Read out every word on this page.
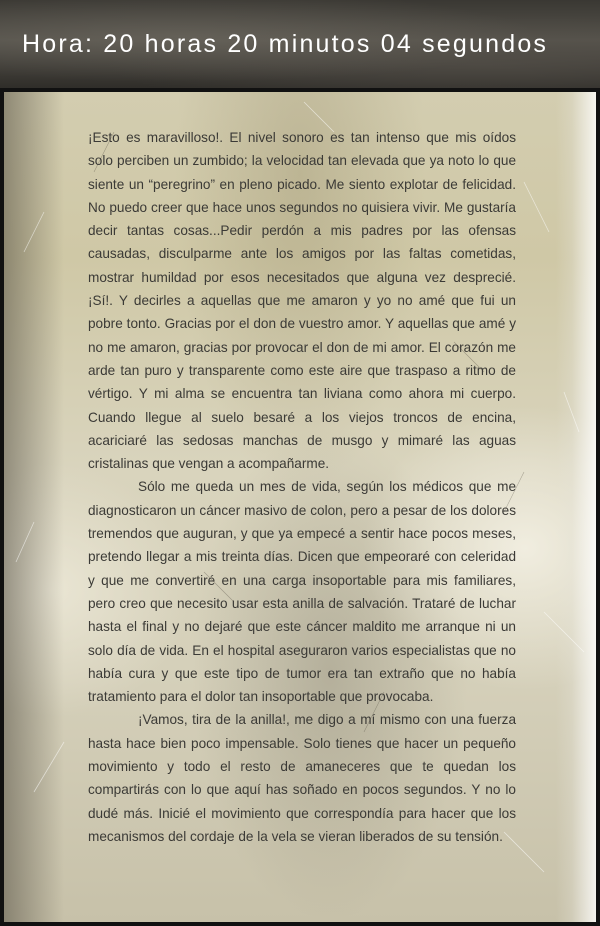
Hora: 20 horas 20 minutos 04 segundos

¡Esto es maravilloso!. El nivel sonoro es tan intenso que mis oídos solo perciben un zumbido; la velocidad tan elevada que ya noto lo que siente un “peregrino” en pleno picado. Me siento explotar de felicidad. No puedo creer que hace unos segundos no quisiera vivir. Me gustaría decir tantas cosas...Pedir perdón a mis padres por las ofensas causadas, disculparme ante los amigos por las faltas cometidas, mostrar humildad por esos necesitados que alguna vez desprecié. ¡Sí!. Y decirles a aquellas que me amaron y yo no amé que fui un pobre tonto. Gracias por el don de vuestro amor. Y aquellas que amé y no me amaron, gracias por provocar el don de mi amor. El corazón me arde tan puro y transparente como este aire que traspaso a ritmo de vértigo. Y mi alma se encuentra tan liviana como ahora mi cuerpo. Cuando llegue al suelo besaré a los viejos troncos de encina, acariciaré las sedosas manchas de musgo y mimaré las aguas cristalinas que vengan a acompañarme.

Sólo me queda un mes de vida, según los médicos que me diagnosticaron un cáncer masivo de colon, pero a pesar de los dolores tremendos que auguran, y que ya empecé a sentir hace pocos meses, pretendo llegar a mis treinta días. Dicen que empeoraré con celeridad y que me convertiré en una carga insoportable para mis familiares, pero creo que necesito usar esta anilla de salvación. Trataré de luchar hasta el final y no dejaré que este cáncer maldito me arranque ni un solo día de vida. En el hospital aseguraron varios especialistas que no había cura y que este tipo de tumor era tan extraño que no había tratamiento para el dolor tan insoportable que provocaba.

¡Vamos, tira de la anilla!, me digo a mí mismo con una fuerza hasta hace bien poco impensable. Solo tienes que hacer un pequeño movimiento y todo el resto de amaneceres que te quedan los compartirás con lo que aquí has soñado en pocos segundos. Y no lo dudé más. Inicié el movimiento que correspondía para hacer que los mecanismos del cordaje de la vela se vieran liberados de su tensión.
